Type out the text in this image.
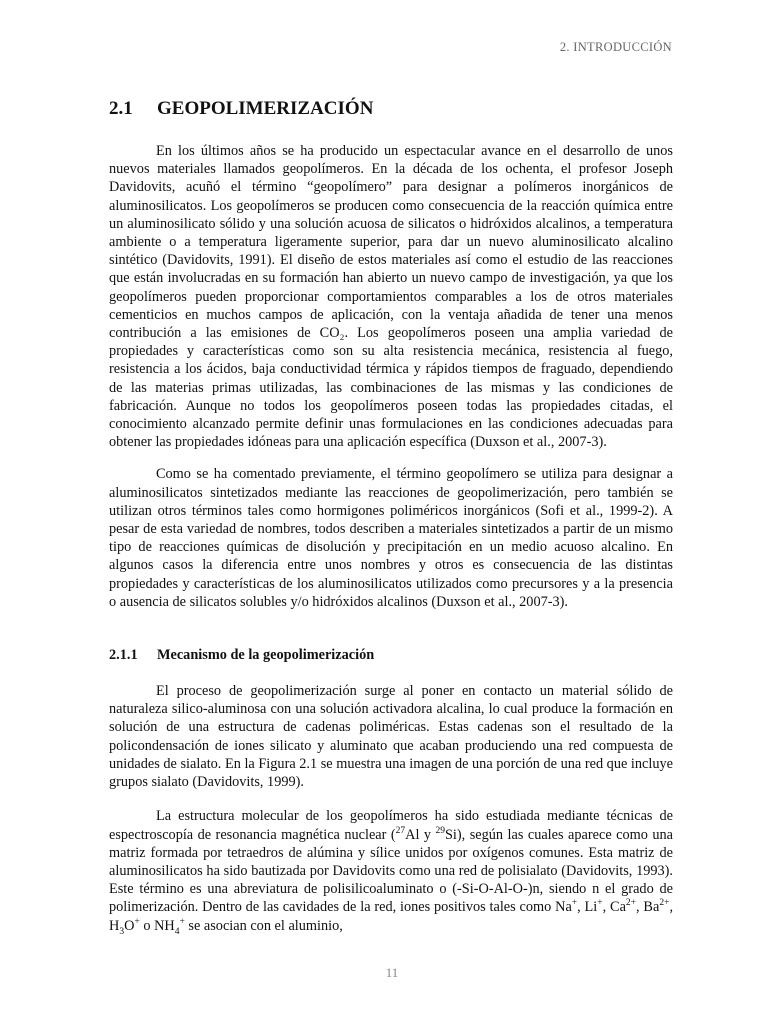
2. INTRODUCCIÓN
2.1	GEOPOLIMERIZACIÓN

En los últimos años se ha producido un espectacular avance en el desarrollo de unos nuevos materiales llamados geopolímeros. En la década de los ochenta, el profesor Joseph Davidovits, acuñó el término “geopolímero” para designar a polímeros inorgánicos de aluminosilicatos. Los geopolímeros se producen como consecuencia de la reacción química entre un aluminosilicato sólido y una solución acuosa de silicatos o hidróxidos alcalinos, a temperatura ambiente o a temperatura ligeramente superior, para dar un nuevo aluminosilicato alcalino sintético (Davidovits, 1991). El diseño de estos materiales así como el estudio de las reacciones que están involucradas en su formación han abierto un nuevo campo de investigación, ya que los geopolímeros pueden proporcionar comportamientos comparables a los de otros materiales cementicios en muchos campos de aplicación, con la ventaja añadida de tener una menos contribución a las emisiones de CO₂. Los geopolímeros poseen una amplia variedad de propiedades y características como son su alta resistencia mecánica, resistencia al fuego, resistencia a los ácidos, baja conductividad térmica y rápidos tiempos de fraguado, dependiendo de las materias primas utilizadas, las combinaciones de las mismas y las condiciones de fabricación. Aunque no todos los geopolímeros poseen todas las propiedades citadas, el conocimiento alcanzado permite definir unas formulaciones en las condiciones adecuadas para obtener las propiedades idóneas para una aplicación específica (Duxson et al., 2007-3).

Como se ha comentado previamente, el término geopolímero se utiliza para designar a aluminosilicatos sintetizados mediante las reacciones de geopolimerización, pero también se utilizan otros términos tales como hormigones poliméricos inorgánicos (Sofi et al., 1999-2). A pesar de esta variedad de nombres, todos describen a materiales sintetizados a partir de un mismo tipo de reacciones químicas de disolución y precipitación en un medio acuoso alcalino. En algunos casos la diferencia entre unos nombres y otros es consecuencia de las distintas propiedades y características de los aluminosilicatos utilizados como precursores y a la presencia o ausencia de silicatos solubles y/o hidróxidos alcalinos (Duxson et al., 2007-3).

2.1.1	Mecanismo de la geopolimerización

El proceso de geopolimerización surge al poner en contacto un material sólido de naturaleza silico-aluminosa con una solución activadora alcalina, lo cual produce la formación en solución de una estructura de cadenas poliméricas. Estas cadenas son el resultado de la policondensación de iones silicato y aluminato que acaban produciendo una red compuesta de unidades de sialato. En la Figura 2.1 se muestra una imagen de una porción de una red que incluye grupos sialato (Davidovits, 1999).

La estructura molecular de los geopolímeros ha sido estudiada mediante técnicas de espectroscopía de resonancia magnética nuclear ($^{27}$Al y $^{29}$Si), según las cuales aparece como una matriz formada por tetraedros de alúmina y sílice unidos por oxígenos comunes. Esta matriz de aluminosilicatos ha sido bautizada por Davidovits como una red de polisialato (Davidovits, 1993). Este término es una abreviatura de polisilicoaluminato o (-Si-O-Al-O-)n, siendo n el grado de polimerización. Dentro de las cavidades de la red, iones positivos tales como Na+, Li+, $Ca^{2+}$, $Ba^{2+}$, $H_3O^+$ o $NH_4^+$ se asocian con el aluminio,

11
